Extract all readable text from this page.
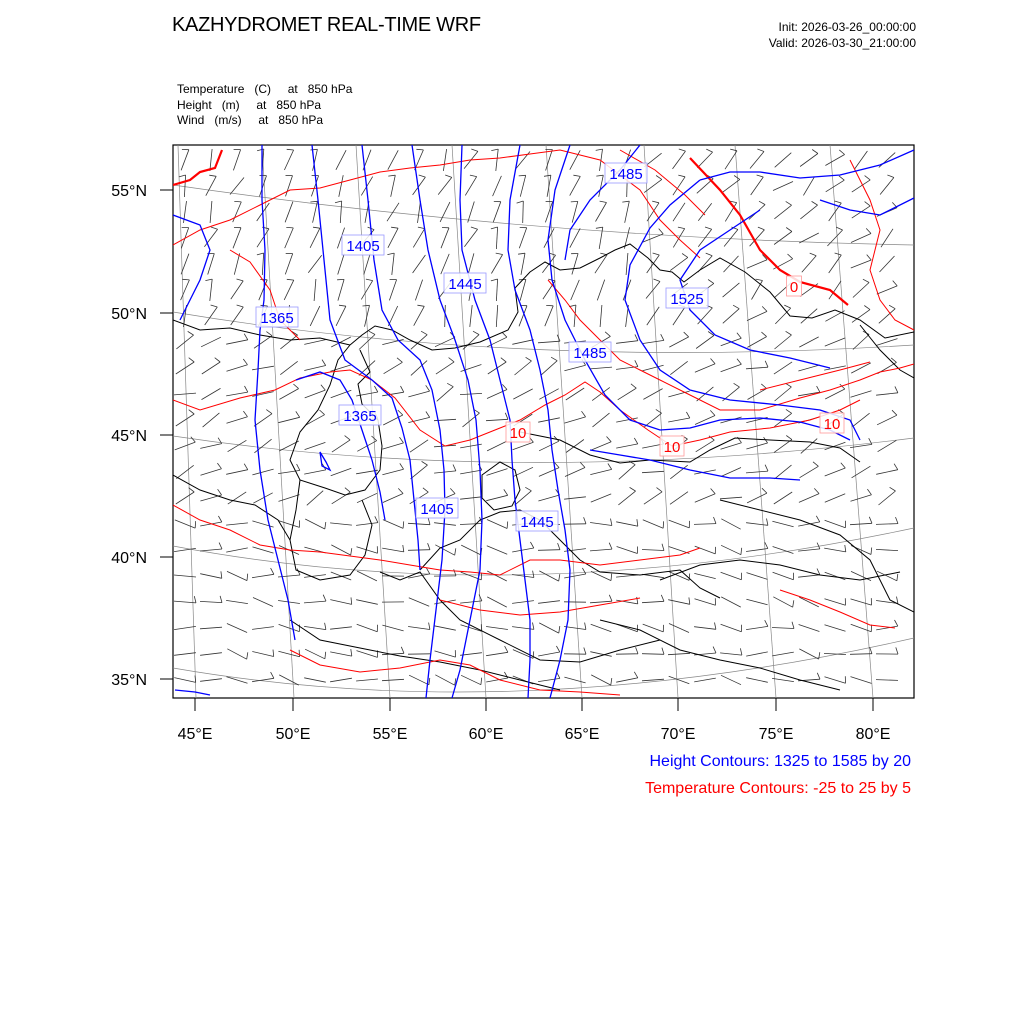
KAZHYDROMET REAL-TIME WRF	Init: 2026-03-26_00:00:00
Valid: 2026-03-30_21:00:00
Temperature   (C)     at   850 hPa
Height   (m)     at   850 hPa
Wind   (m/s)     at   850 hPa
55°N
50°N
45°N
40°N
35°N
45°E	50°E	55°E	60°E	65°E	70°E	75°E	80°E
1485
1405
1445
1525
1365
1485
1365
1405
1445
0
10
10
10
Height Contours: 1325 to 1585 by 20
Temperature Contours: -25 to 25 by 5
